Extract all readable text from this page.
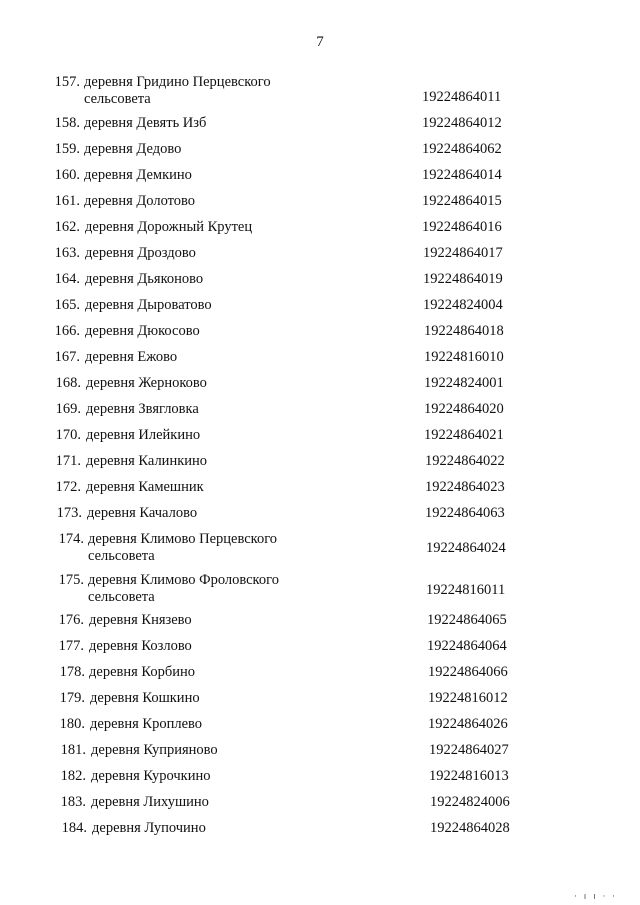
7
157. деревня Гридино Перцевского
сельсовета	19224864011
158. деревня Девять Изб	19224864012
159. деревня Дедово	19224864062
160. деревня Демкино	19224864014
161. деревня Долотово	19224864015
162. деревня Дорожный Крутец	19224864016
163. деревня Дроздово	19224864017
164. деревня Дьяконово	19224864019
165. деревня Дыроватово	19224824004
166. деревня Дюкосово	19224864018
167. деревня Ежово	19224816010
168. деревня Жерноково	19224824001
169. деревня Звягловка	19224864020
170. деревня Илейкино	19224864021
171. деревня Калинкино	19224864022
172. деревня Камешник	19224864023
173. деревня Качалово	19224864063
174. деревня Климово Перцевского
сельсовета	19224864024
175. деревня Климово Фроловского
сельсовета	19224816011
176. деревня Князево	19224864065
177. деревня Козлово	19224864064
178. деревня Корбино	19224864066
179. деревня Кошкино	19224816012
180. деревня Кроплево	19224864026
181. деревня Куприяново	19224864027
182. деревня Курочкино	19224816013
183. деревня Лихушино	19224824006
184. деревня Лупочино	19224864028
· ı ı · ·
